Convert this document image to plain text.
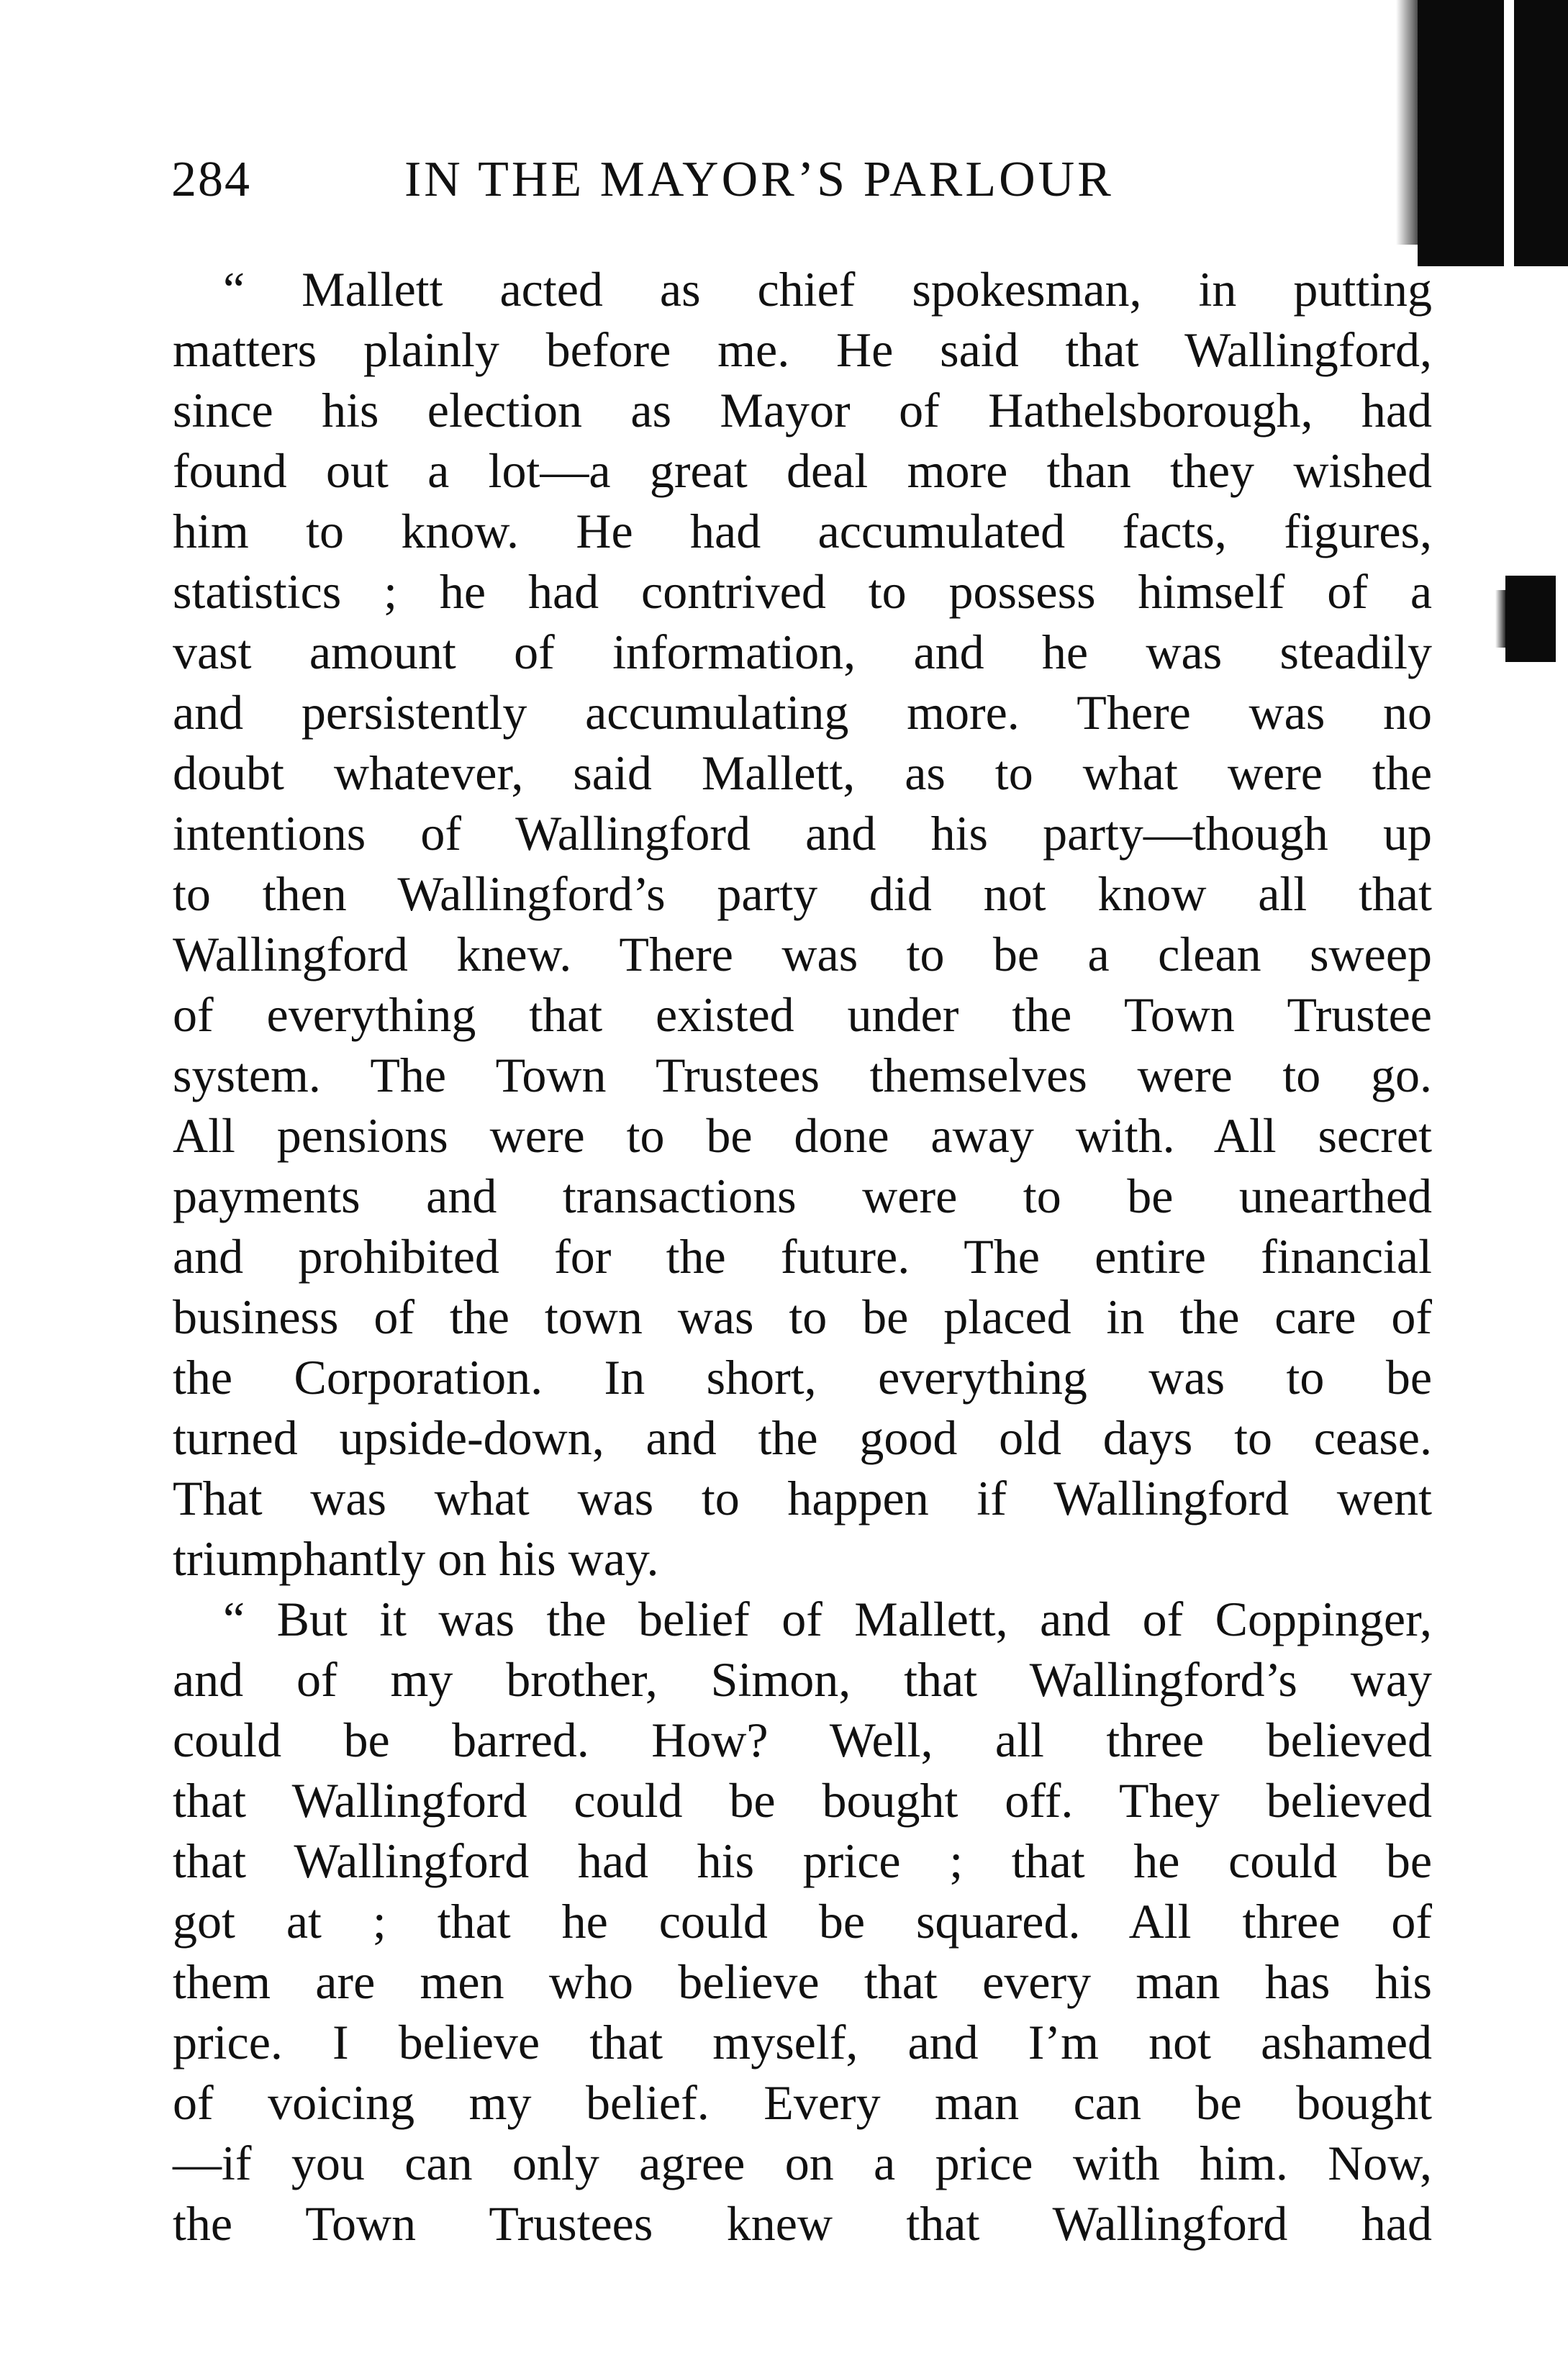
284	IN THE MAYOR’S PARLOUR
“ Mallett acted as chief spokesman, in putting
matters plainly before me. He said that Wallingford,
since his election as Mayor of Hathelsborough, had
found out a lot—a great deal more than they wished
him to know. He had accumulated facts, figures,
statistics ; he had contrived to possess himself of a
vast amount of information, and he was steadily
and persistently accumulating more. There was no
doubt whatever, said Mallett, as to what were the
intentions of Wallingford and his party—though up
to then Wallingford’s party did not know all that
Wallingford knew. There was to be a clean sweep
of everything that existed under the Town Trustee
system. The Town Trustees themselves were to go.
All pensions were to be done away with. All secret
payments and transactions were to be unearthed
and prohibited for the future. The entire financial
business of the town was to be placed in the care of
the Corporation. In short, everything was to be
turned upside-down, and the good old days to cease.
That was what was to happen if Wallingford went
triumphantly on his way.
“ But it was the belief of Mallett, and of Coppinger,
and of my brother, Simon, that Wallingford’s way
could be barred. How? Well, all three believed
that Wallingford could be bought off. They believed
that Wallingford had his price ; that he could be
got at ; that he could be squared. All three of
them are men who believe that every man has his
price. I believe that myself, and I’m not ashamed
of voicing my belief. Every man can be bought
—if you can only agree on a price with him. Now,
the Town Trustees knew that Wallingford had
